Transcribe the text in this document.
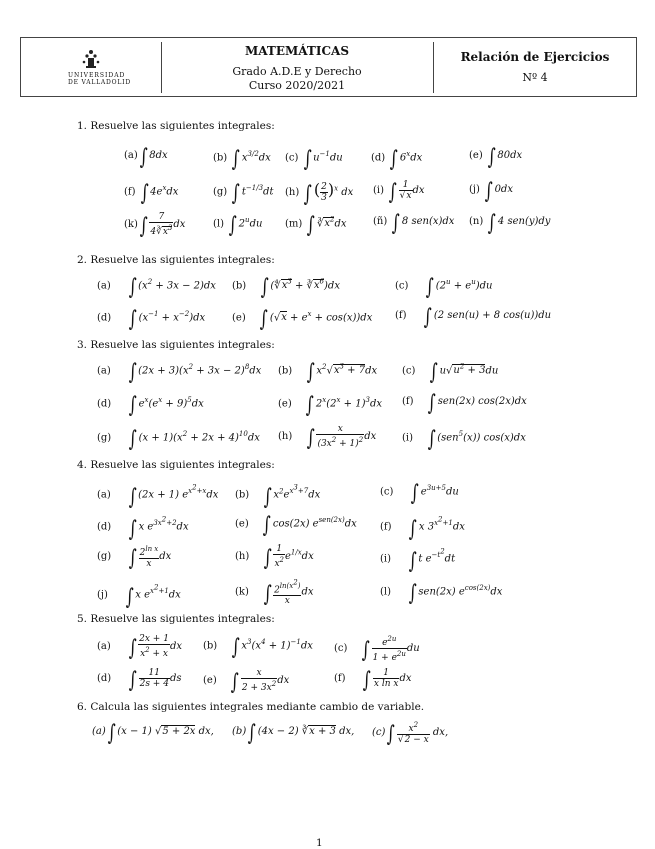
UNIVERSIDAD
DE VALLADOLID
MATEMÁTICAS
Grado A.D.E y Derecho
Curso 2020/2021
Relación de Ejercicios
Nº 4
1. Resuelve las siguientes integrales:
(a)∫ 8dx	(b) ∫ $x^{3/2}dx$ (c) ∫ $u^{-1}du$	(d) ∫ 6$^x$dx	(e) ∫ 80dx
(f) ∫ $4e^xdx$	(g) ∫ $t^{-1/3}dt$ (h) ∫ ( $\frac{2}{3} )^x$ dx (i) ∫ $\frac{1}{√x}$ dx	(j) ∫ 0dx
$(k)\int \frac{7}{4∛x^3}$ dx	(l) ∫ 2$^u$du (m) ∫ $∛x^2dx$	(ñ) ∫ 8 sen(x)dx (n) ∫ 4 sen(y)dy
2. Resuelve las siguientes integrales:
(a) ∫ $(x^2 + 3x - 2)dx$ (b) ∫ ($∜x^3$ + $∛x^6)dx$	(c) ∫ $(2^u + e^u)du$
(d) ∫ $(x^{-1} + x^{-2})dx$	(e) ∫ $(√x + e^x + \cos(x))dx$ (f) ∫ (2 sen(u) + 8 cos(u))du
3. Resuelve las siguientes integrales:
(a) ∫ $(2x + 3)(x^2 + 3x - 2)^8dx$ (b) ∫ $x^2√x^3 + 7dx$ (c) ∫ $u√u^2 + 3du$
(d) ∫ $e^x(e^x + 9)^5dx$	(e) ∫ $2^x(2^x + 1)^3dx$ (f) ∫ sen(2x) cos(2x)dx
(g) ∫ $(x + 1)(x^2 + 2x + 4)^{10}dx$ (h) ∫ $\frac{x}{(3x^2 + 1)^2}$ dx	(i) ∫ (sen$^5$(x)) cos(x)dx
4. Resuelve las siguientes integrales:
(a) ∫ (2x + 1) $e^{x^2+x}dx$ (b) ∫ $x^2e^{x^3+7}dx$	(c) ∫ $e^{3u+5}du$
(d) ∫ x $e^{3x^2+2}dx$	(e) ∫ cos(2x) $e^{sen(2x)}dx$ (f) ∫ x $3^{x^2+1}dx$
(g) ∫ $\frac{2^{ln x}}{x}$ dx	(h) ∫ $\frac{1}{x^2} e^{1/x}dx$	(i) ∫ t $e^{-t^2}dt$
(j) ∫ x $e^{x^2+1}dx$	(k) ∫ $\frac{2^{ln(x^2)}}{x}$ dx	(l) ∫ sen(2x) $e^{cos(2x)}dx$
5. Resuelve las siguientes integrales:
(a) ∫ $\frac{2x + 1}{x^2 + x}$ dx (b) ∫ $x^3(x^4 + 1)^{-1}dx$ (c) ∫ $\frac{e^{2u}}{1 + e^{2u}}$ du
(d) ∫ $\frac{11}{2s + 4}$ ds (e) ∫ $\frac{x}{2 + 3x^2}$ dx	(f) ∫ $\frac{1}{\text{x ln x}}$ dx
6. Calcula las siguientes integrales mediante cambio de variable.
(a)∫ (x − 1) √5 + 2x dx, (b)∫ (4x − 2) ∛x + 3 dx, $(c)\int \frac{x^2}{√2 - x}$ dx,
1
